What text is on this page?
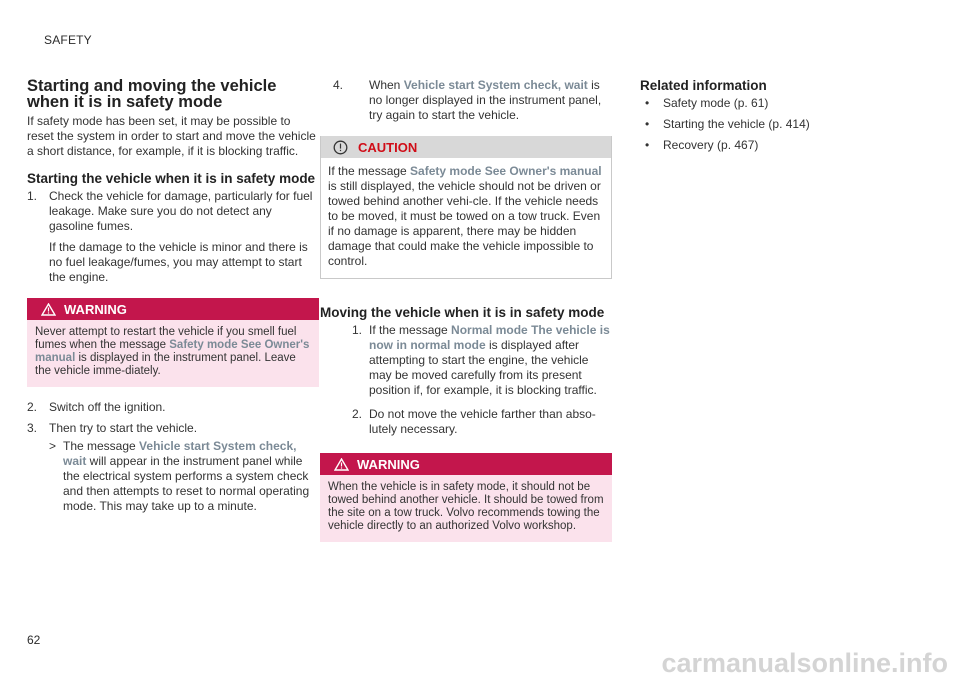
SAFETY
Starting and moving the vehicle when it is in safety mode

If safety mode has been set, it may be possible to reset the system in order to start and move the vehicle a short distance, for example, if it is blocking traffic.

Starting the vehicle when it is in safety mode
1. Check the vehicle for damage, particularly for fuel leakage. Make sure you do not detect any gasoline fumes.
If the damage to the vehicle is minor and there is no fuel leakage/fumes, you may attempt to start the engine.
WARNING
Never attempt to restart the vehicle if you smell fuel fumes when the message Safety mode See Owner's manual is displayed in the instrument panel. Leave the vehicle imme-diately.
2. Switch off the ignition.
3. Then try to start the vehicle.
> The message Vehicle start System check, wait will appear in the instrument panel while the electrical system performs a system check and then attempts to reset to normal operating mode. This may take up to a minute.
4.	When Vehicle start System check, wait is no longer displayed in the instrument panel, try again to start the vehicle.
CAUTION
If the message Safety mode See Owner's manual is still displayed, the vehicle should not be driven or towed behind another vehi-cle. If the vehicle needs to be moved, it must be towed on a tow truck. Even if no damage is apparent, there may be hidden damage that could make the vehicle impossible to control.
Moving the vehicle when it is in safety mode
1. If the message Normal mode The vehicle is now in normal mode is displayed after attempting to start the engine, the vehicle may be moved carefully from its present position if, for example, it is blocking traffic.
2. Do not move the vehicle farther than abso-lutely necessary.
WARNING
When the vehicle is in safety mode, it should not be towed behind another vehicle. It should be towed from the site on a tow truck. Volvo recommends towing the vehicle directly to an authorized Volvo workshop.
Related information
• Safety mode (p. 61)
• Starting the vehicle (p. 414)
• Recovery (p. 467)
62
carmanualsonline.info
